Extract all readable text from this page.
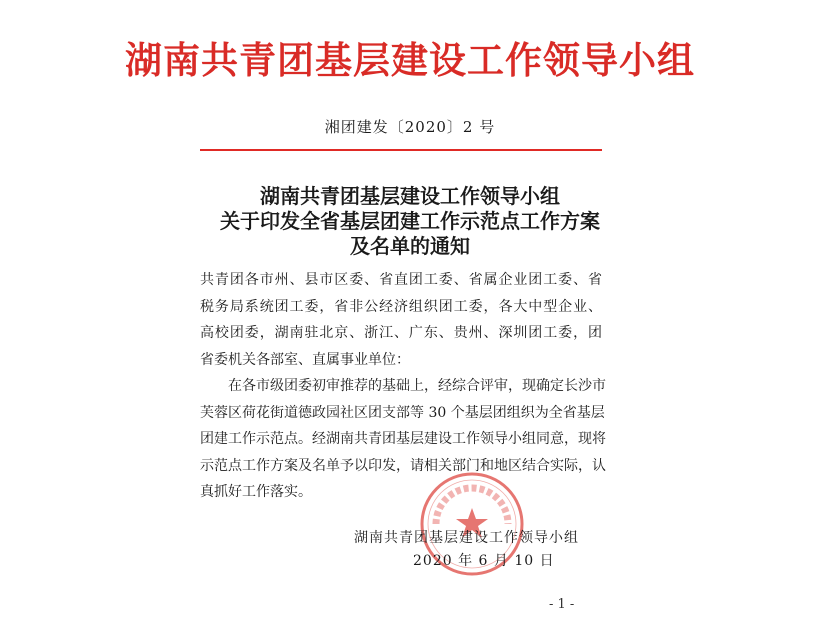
湖南共青团基层建设工作领导小组
湘团建发〔2020〕2 号
湖南共青团基层建设工作领导小组
关于印发全省基层团建工作示范点工作方案
及名单的通知

共青团各市州、县市区委、省直团工委、省属企业团工委、省
税务局系统团工委，省非公经济组织团工委，各大中型企业、
高校团委，湖南驻北京、浙江、广东、贵州、深圳团工委，团
省委机关各部室、直属事业单位：

在各市级团委初审推荐的基础上，经综合评审，现确定长沙市
芙蓉区荷花街道德政园社区团支部等 30 个基层团组织为全省基层
团建工作示范点。经湖南共青团基层建设工作领导小组同意，现将
示范点工作方案及名单予以印发，请相关部门和地区结合实际，认
真抓好工作落实。

湖南共青团基层建设工作领导小组
2020 年 6 月 10 日
- 1 -
